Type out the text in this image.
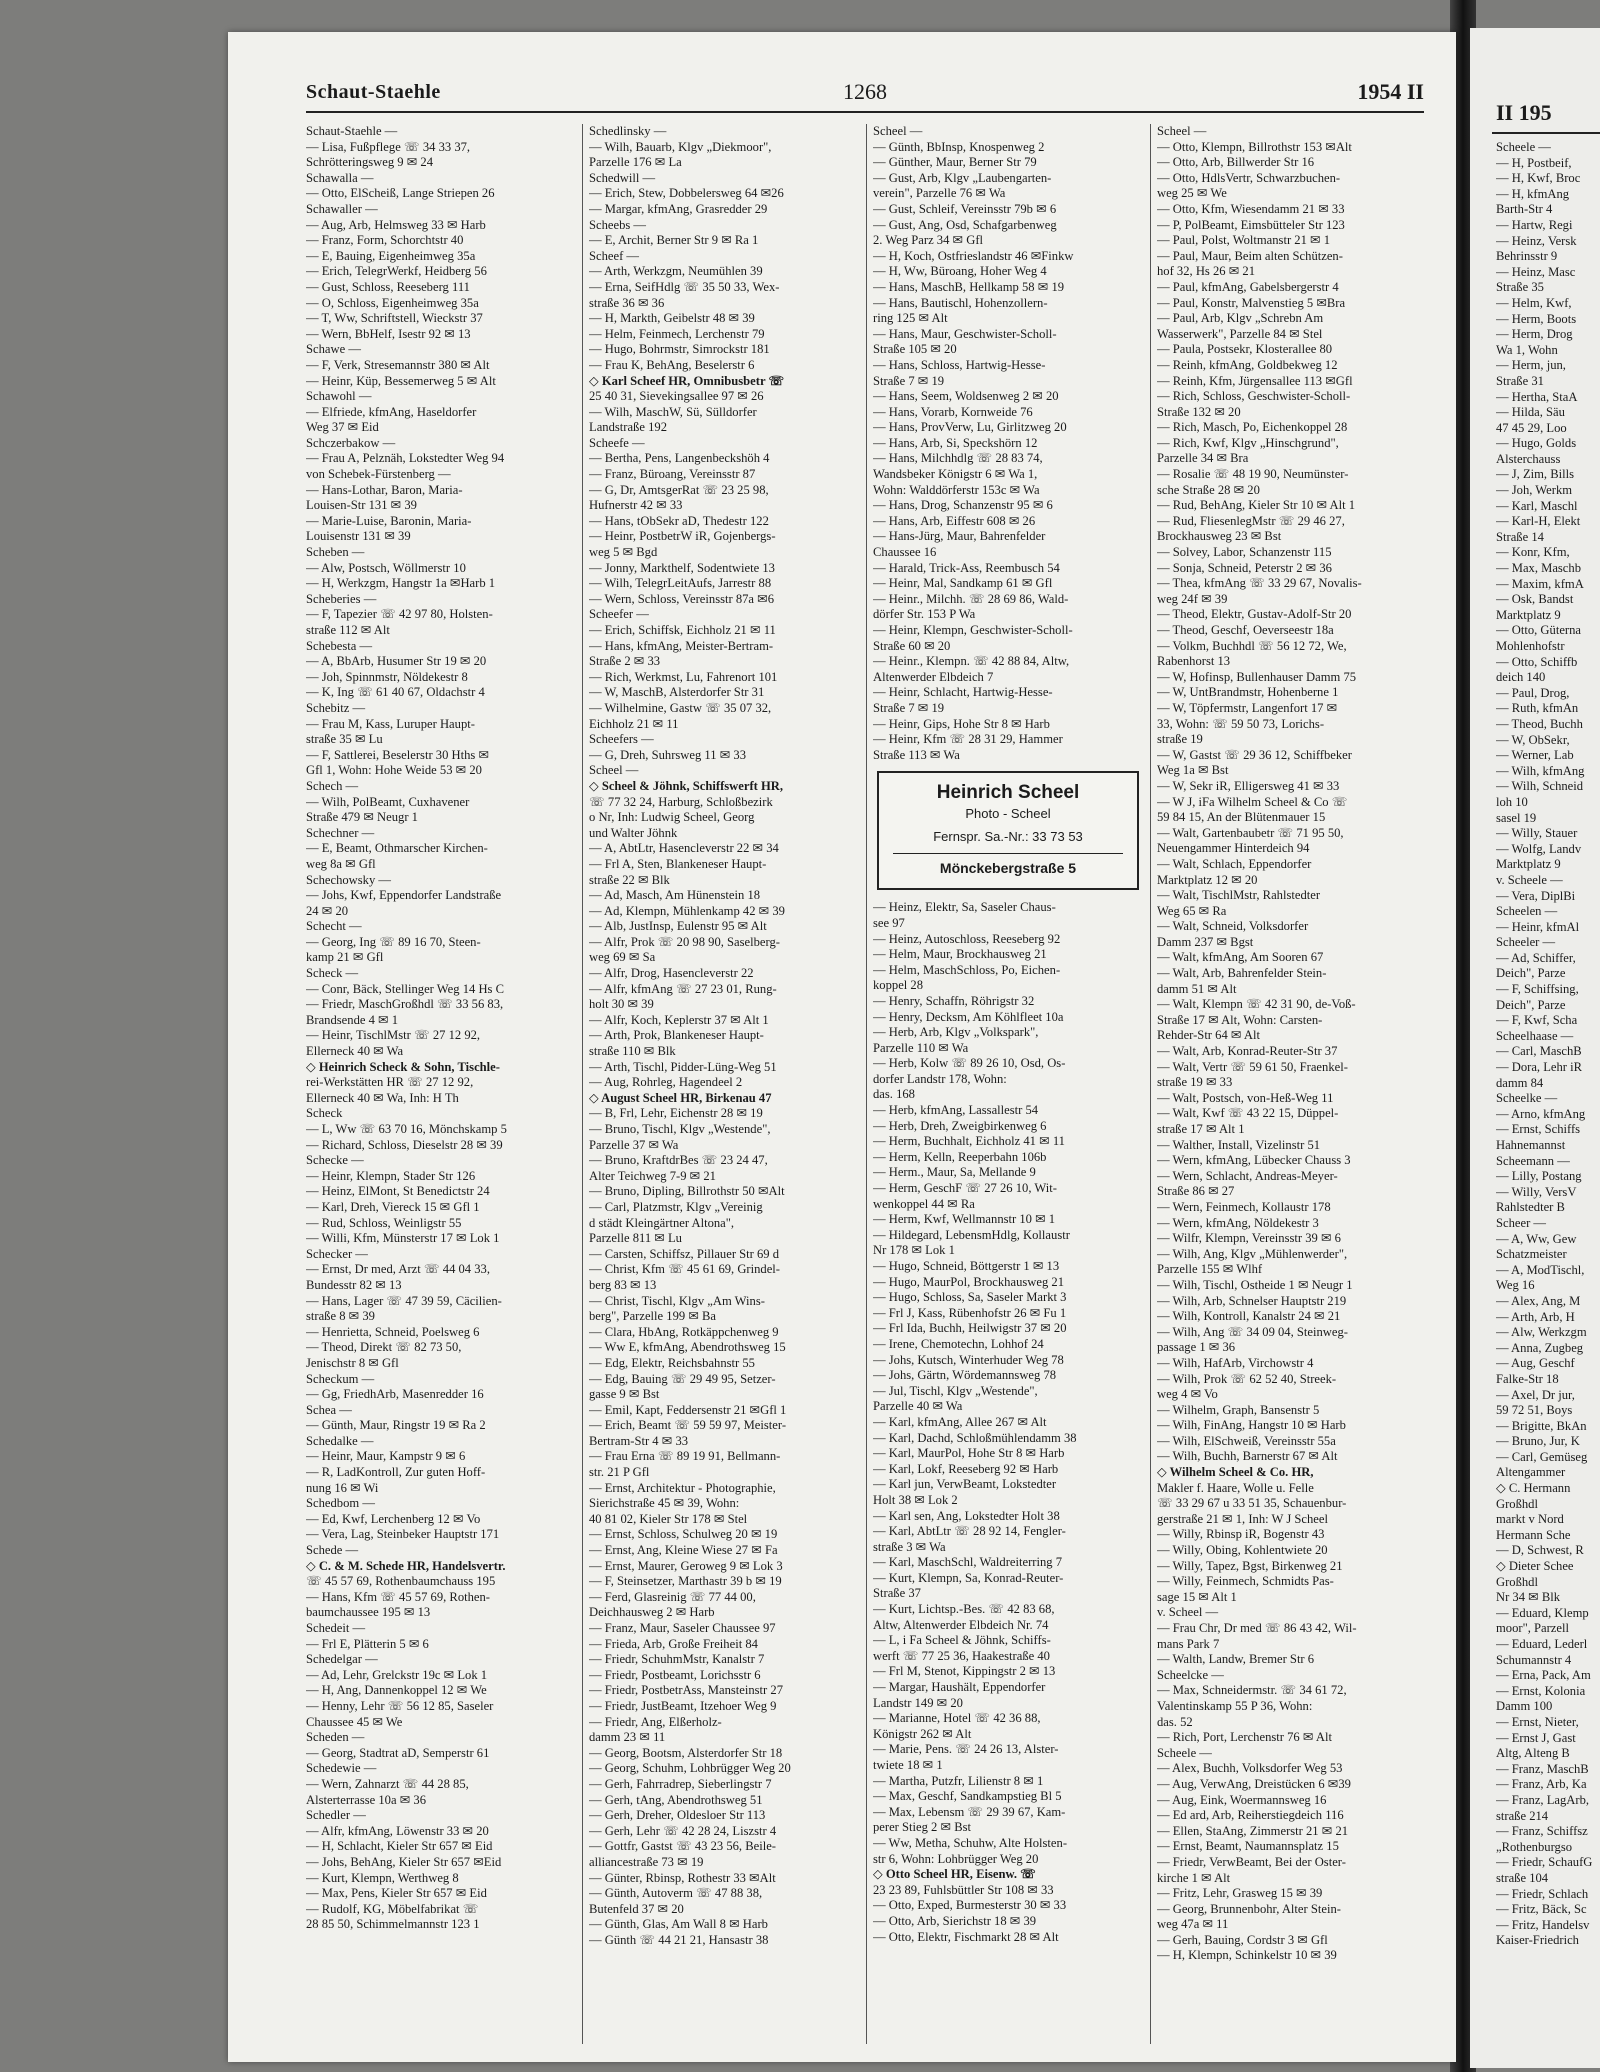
Schaut-Staehle	1268	1954 II
Schaut-Staehle —
— Lisa, Fußpflege ☏ 34 33 37,
Schrötteringsweg 9 ✉ 24
Schawalla —
— Otto, ElScheiß, Lange Striepen 26
Schawaller —
— Aug, Arb, Helmsweg 33 ✉ Harb
— Franz, Form, Schorchtstr 40
— E, Bauing, Eigenheimweg 35a
— Erich, TelegrWerkf, Heidberg 56
— Gust, Schloss, Reeseberg 111
— O, Schloss, Eigenheimweg 35a
— T, Ww, Schriftstell, Wieckstr 37
— Wern, BbHelf, Isestr 92 ✉ 13
Schawe —
— F, Verk, Stresemannstr 380 ✉ Alt
— Heinr, Küp, Bessemerweg 5 ✉ Alt
Schawohl —
— Elfriede, kfmAng, Haseldorfer
Weg 37 ✉ Eid
Schczerbakow —
— Frau A, Pelznäh, Lokstedter Weg 94
von Schebek-Fürstenberg —
— Hans-Lothar, Baron, Maria-
Louisen-Str 131 ✉ 39
— Marie-Luise, Baronin, Maria-
Louisenstr 131 ✉ 39
Scheben —
— Alw, Postsch, Wöllmerstr 10
— H, Werkzgm, Hangstr 1a ✉Harb 1
Scheberies —
— F, Tapezier ☏ 42 97 80, Holsten-
straße 112 ✉ Alt
Schebesta —
— A, BbArb, Husumer Str 19 ✉ 20
— Joh, Spinnmstr, Nöldekestr 8
— K, Ing ☏ 61 40 67, Oldachstr 4
Schebitz —
— Frau M, Kass, Luruper Haupt-
straße 35 ✉ Lu
— F, Sattlerei, Beselerstr 30 Hths ✉
Gfl 1, Wohn: Hohe Weide 53 ✉ 20
Schech —
— Wilh, PolBeamt, Cuxhavener
Straße 479 ✉ Neugr 1
Schechner —
— E, Beamt, Othmarscher Kirchen-
weg 8a ✉ Gfl
Schechowsky —
— Johs, Kwf, Eppendorfer Landstraße
24 ✉ 20
Schecht —
— Georg, Ing ☏ 89 16 70, Steen-
kamp 21 ✉ Gfl
Scheck —
— Conr, Bäck, Stellinger Weg 14 Hs C
— Friedr, MaschGroßhdl ☏ 33 56 83,
Brandsende 4 ✉ 1
— Heinr, TischlMstr ☏ 27 12 92,
Ellerneck 40 ✉ Wa
◇ Heinrich Scheck & Sohn, Tischle-
rei-Werkstätten HR ☏ 27 12 92,
Ellerneck 40 ✉ Wa, Inh: H Th
Scheck
— L, Ww ☏ 63 70 16, Mönchskamp 5
— Richard, Schloss, Dieselstr 28 ✉ 39
Schecke —
— Heinr, Klempn, Stader Str 126
— Heinz, ElMont, St Benedictstr 24
— Karl, Dreh, Viereck 15 ✉ Gfl 1
— Rud, Schloss, Weinligstr 55
— Willi, Kfm, Münsterstr 17 ✉ Lok 1
Schecker —
— Ernst, Dr med, Arzt ☏ 44 04 33,
Bundesstr 82 ✉ 13
— Hans, Lager ☏ 47 39 59, Cäcilien-
straße 8 ✉ 39
— Henrietta, Schneid, Poelsweg 6
— Theod, Direkt ☏ 82 73 50,
Jenischstr 8 ✉ Gfl
Scheckum —
— Gg, FriedhArb, Masenredder 16
Schea —
— Günth, Maur, Ringstr 19 ✉ Ra 2
Schedalke —
— Heinr, Maur, Kampstr 9 ✉ 6
— R, LadKontroll, Zur guten Hoff-
nung 16 ✉ Wi
Schedbom —
— Ed, Kwf, Lerchenberg 12 ✉ Vo
— Vera, Lag, Steinbeker Hauptstr 171
Schede —
◇ C. & M. Schede HR, Handelsvertr.
☏ 45 57 69, Rothenbaumchauss 195
— Hans, Kfm ☏ 45 57 69, Rothen-
baumchaussee 195 ✉ 13
Schedeit —
— Frl E, Plätterin 5 ✉ 6
Schedelgar —
— Ad, Lehr, Grelckstr 19c ✉ Lok 1
— H, Ang, Dannenkoppel 12 ✉ We
— Henny, Lehr ☏ 56 12 85, Saseler
Chaussee 45 ✉ We
Scheden —
— Georg, Stadtrat aD, Semperstr 61
Schedewie —
— Wern, Zahnarzt ☏ 44 28 85,
Alsterterrasse 10a ✉ 36
Schedler —
— Alfr, kfmAng, Löwenstr 33 ✉ 20
— H, Schlacht, Kieler Str 657 ✉ Eid
— Johs, BehAng, Kieler Str 657 ✉Eid
— Kurt, Klempn, Werthweg 8
— Max, Pens, Kieler Str 657 ✉ Eid
— Rudolf, KG, Möbelfabrikat ☏
28 85 50, Schimmelmannstr 123 1
Schedlinsky —
— Wilh, Bauarb, Klgv „Diekmoor",
Parzelle 176 ✉ La
Schedwill —
— Erich, Stew, Dobbelersweg 64 ✉26
— Margar, kfmAng, Grasredder 29
Scheebs —
— E, Archit, Berner Str 9 ✉ Ra 1
Scheef —
— Arth, Werkzgm, Neumühlen 39
— Erna, SeifHdlg ☏ 35 50 33, Wex-
straße 36 ✉ 36
— H, Markth, Geibelstr 48 ✉ 39
— Helm, Feinmech, Lerchenstr 79
— Hugo, Bohrmstr, Simrockstr 181
— Frau K, BehAng, Beselerstr 6
◇ Karl Scheef HR, Omnibusbetr ☏
25 40 31, Sievekingsallee 97 ✉ 26
— Wilh, MaschW, Sü, Sülldorfer
Landstraße 192
Scheefe —
— Bertha, Pens, Langenbeckshöh 4
— Franz, Büroang, Vereinsstr 87
— G, Dr, AmtsgerRat ☏ 23 25 98,
Hufnerstr 42 ✉ 33
— Hans, tObSekr aD, Thedestr 122
— Heinr, PostbetrW iR, Gojenbergs-
weg 5 ✉ Bgd
— Jonny, Markthelf, Sodentwiete 13
— Wilh, TelegrLeitAufs, Jarrestr 88
— Wern, Schloss, Vereinsstr 87a ✉6
Scheefer —
— Erich, Schiffsk, Eichholz 21 ✉ 11
— Hans, kfmAng, Meister-Bertram-
Straße 2 ✉ 33
— Rich, Werkmst, Lu, Fahrenort 101
— W, MaschB, Alsterdorfer Str 31
— Wilhelmine, Gastw ☏ 35 07 32,
Eichholz 21 ✉ 11
Scheefers —
— G, Dreh, Suhrsweg 11 ✉ 33
Scheel —
◇ Scheel & Jöhnk, Schiffswerft HR,
☏ 77 32 24, Harburg, Schloßbezirk
o Nr, Inh: Ludwig Scheel, Georg
und Walter Jöhnk
— A, AbtLtr, Hasencleverstr 22 ✉ 34
— Frl A, Sten, Blankeneser Haupt-
straße 22 ✉ Blk
— Ad, Masch, Am Hünenstein 18
— Ad, Klempn, Mühlenkamp 42 ✉ 39
— Alb, JustInsp, Eulenstr 95 ✉ Alt
— Alfr, Prok ☏ 20 98 90, Saselberg-
weg 69 ✉ Sa
— Alfr, Drog, Hasencleverstr 22
— Alfr, kfmAng ☏ 27 23 01, Rung-
holt 30 ✉ 39
— Alfr, Koch, Keplerstr 37 ✉ Alt 1
— Arth, Prok, Blankeneser Haupt-
straße 110 ✉ Blk
— Arth, Tischl, Pidder-Lüng-Weg 51
— Aug, Rohrleg, Hagendeel 2
◇ August Scheel HR, Birkenau 47
— B, Frl, Lehr, Eichenstr 28 ✉ 19
— Bruno, Tischl, Klgv „Westende",
Parzelle 37 ✉ Wa
— Bruno, KraftdrBes ☏ 23 24 47,
Alter Teichweg 7-9 ✉ 21
— Bruno, Dipling, Billrothstr 50 ✉Alt
— Carl, Platzmstr, Klgv „Vereinig
d städt Kleingärtner Altona",
Parzelle 811 ✉ Lu
— Carsten, Schiffsz, Pillauer Str 69 d
— Christ, Kfm ☏ 45 61 69, Grindel-
berg 83 ✉ 13
— Christ, Tischl, Klgv „Am Wins-
berg", Parzelle 199 ✉ Ba
— Clara, HbAng, Rotkäppchenweg 9
— Ww E, kfmAng, Abendrothsweg 15
— Edg, Elektr, Reichsbahnstr 55
— Edg, Bauing ☏ 29 49 95, Setzer-
gasse 9 ✉ Bst
— Emil, Kapt, Feddersenstr 21 ✉Gfl 1
— Erich, Beamt ☏ 59 59 97, Meister-
Bertram-Str 4 ✉ 33
— Frau Erna ☏ 89 19 91, Bellmann-
str. 21 P Gfl
— Ernst, Architektur - Photographie,
Sierichstraße 45 ✉ 39, Wohn:
40 81 02, Kieler Str 178 ✉ Stel
— Ernst, Schloss, Schulweg 20 ✉ 19
— Ernst, Ang, Kleine Wiese 27 ✉ Fa
— Ernst, Maurer, Geroweg 9 ✉ Lok 3
— F, Steinsetzer, Marthastr 39 b ✉ 19
— Ferd, Glasreinig ☏ 77 44 00,
Deichhausweg 2 ✉ Harb
— Franz, Maur, Saseler Chaussee 97
— Frieda, Arb, Große Freiheit 84
— Friedr, SchuhmMstr, Kanalstr 7
— Friedr, Postbeamt, Lorichsstr 6
— Friedr, PostbetrAss, Mansteinstr 27
— Friedr, JustBeamt, Itzehoer Weg 9
— Friedr, Ang, Elßerholz-
damm 23 ✉ 11
— Georg, Bootsm, Alsterdorfer Str 18
— Georg, Schuhm, Lohbrügger Weg 20
— Gerh, Fahrradrep, Sieberlingstr 7
— Gerh, tAng, Abendrothsweg 51
— Gerh, Dreher, Oldesloer Str 113
— Gerh, Lehr ☏ 42 28 24, Liszstr 4
— Gottfr, Gastst ☏ 43 23 56, Beile-
alliancestraße 73 ✉ 19
— Günter, Rbinsp, Rothestr 33 ✉Alt
— Günth, Autoverm ☏ 47 88 38,
Butenfeld 37 ✉ 20
— Günth, Glas, Am Wall 8 ✉ Harb
— Günth ☏ 44 21 21, Hansastr 38
Scheel —
— Günth, BbInsp, Knospenweg 2
— Günther, Maur, Berner Str 79
— Gust, Arb, Klgv „Laubengarten-
verein", Parzelle 76 ✉ Wa
— Gust, Schleif, Vereinsstr 79b ✉ 6
— Gust, Ang, Osd, Schafgarbenweg
2. Weg Parz 34 ✉ Gfl
— H, Koch, Ostfrieslandstr 46 ✉Finkw
— H, Ww, Büroang, Hoher Weg 4
— Hans, MaschB, Hellkamp 58 ✉ 19
— Hans, Bautischl, Hohenzollern-
ring 125 ✉ Alt
— Hans, Maur, Geschwister-Scholl-
Straße 105 ✉ 20
— Hans, Schloss, Hartwig-Hesse-
Straße 7 ✉ 19
— Hans, Seem, Woldsenweg 2 ✉ 20
— Hans, Vorarb, Kornweide 76
— Hans, ProvVerw, Lu, Girlitzweg 20
— Hans, Arb, Si, Speckshörn 12
— Hans, Milchhdlg ☏ 28 83 74,
Wandsbeker Königstr 6 ✉ Wa 1,
Wohn: Walddörferstr 153c ✉ Wa
— Hans, Drog, Schanzenstr 95 ✉ 6
— Hans, Arb, Eiffestr 608 ✉ 26
— Hans-Jürg, Maur, Bahrenfelder
Chaussee 16
— Harald, Trick-Ass, Reembusch 54
— Heinr, Mal, Sandkamp 61 ✉ Gfl
— Heinr., Milchh. ☏ 28 69 86, Wald-
dörfer Str. 153 P Wa
— Heinr, Klempn, Geschwister-Scholl-
Straße 60 ✉ 20
— Heinr., Klempn. ☏ 42 88 84, Altw,
Altenwerder Elbdeich 7
— Heinr, Schlacht, Hartwig-Hesse-
Straße 7 ✉ 19
— Heinr, Gips, Hohe Str 8 ✉ Harb
— Heinr, Kfm ☏ 28 31 29, Hammer
Straße 113 ✉ Wa
Heinrich Scheel
Photo - Scheel
Fernspr. Sa.-Nr.: 33 73 53
Mönckebergstraße 5
— Heinz, Elektr, Sa, Saseler Chaus-
see 97
— Heinz, Autoschloss, Reeseberg 92
— Helm, Maur, Brockhausweg 21
— Helm, MaschSchloss, Po, Eichen-
koppel 28
— Henry, Schaffn, Röhrigstr 32
— Henry, Decksm, Am Köhlfleet 10a
— Herb, Arb, Klgv „Volkspark",
Parzelle 110 ✉ Wa
— Herb, Kolw ☏ 89 26 10, Osd, Os-
dorfer Landstr 178, Wohn:
das. 168
— Herb, kfmAng, Lassallestr 54
— Herb, Dreh, Zweigbirkenweg 6
— Herm, Buchhalt, Eichholz 41 ✉ 11
— Herm, Kelln, Reeperbahn 106b
— Herm., Maur, Sa, Mellande 9
— Herm, GeschF ☏ 27 26 10, Wit-
wenkoppel 44 ✉ Ra
— Herm, Kwf, Wellmannstr 10 ✉ 1
— Hildegard, LebensmHdlg, Kollaustr
Nr 178 ✉ Lok 1
— Hugo, Schneid, Böttgerstr 1 ✉ 13
— Hugo, MaurPol, Brockhausweg 21
— Hugo, Schloss, Sa, Saseler Markt 3
— Frl J, Kass, Rübenhofstr 26 ✉ Fu 1
— Frl Ida, Buchh, Heilwigstr 37 ✉ 20
— Irene, Chemotechn, Lohhof 24
— Johs, Kutsch, Winterhuder Weg 78
— Johs, Gärtn, Wördemannsweg 78
— Jul, Tischl, Klgv „Westende",
Parzelle 40 ✉ Wa
— Karl, kfmAng, Allee 267 ✉ Alt
— Karl, Dachd, Schloßmühlendamm 38
— Karl, MaurPol, Hohe Str 8 ✉ Harb
— Karl, Lokf, Reeseberg 92 ✉ Harb
— Karl jun, VerwBeamt, Lokstedter
Holt 38 ✉ Lok 2
— Karl sen, Ang, Lokstedter Holt 38
— Karl, AbtLtr ☏ 28 92 14, Fengler-
straße 3 ✉ Wa
— Karl, MaschSchl, Waldreiterring 7
— Kurt, Klempn, Sa, Konrad-Reuter-
Straße 37
— Kurt, Lichtsp.-Bes. ☏ 42 83 68,
Altw, Altenwerder Elbdeich Nr. 74
— L, i Fa Scheel & Jöhnk, Schiffs-
werft ☏ 77 25 36, Haakestraße 40
— Frl M, Stenot, Kippingstr 2 ✉ 13
— Margar, Haushält, Eppendorfer
Landstr 149 ✉ 20
— Marianne, Hotel ☏ 42 36 88,
Königstr 262 ✉ Alt
— Marie, Pens. ☏ 24 26 13, Alster-
twiete 18 ✉ 1
— Martha, Putzfr, Lilienstr 8 ✉ 1
— Max, Geschf, Sandkampstieg Bl 5
— Max, Lebensm ☏ 29 39 67, Kam-
perer Stieg 2 ✉ Bst
— Ww, Metha, Schuhw, Alte Holsten-
str 6, Wohn: Lohbrügger Weg 20
◇ Otto Scheel HR, Eisenw. ☏
23 23 89, Fuhlsbüttler Str 108 ✉ 33
— Otto, Exped, Burmesterstr 30 ✉ 33
— Otto, Arb, Sierichstr 18 ✉ 39
— Otto, Elektr, Fischmarkt 28 ✉ Alt
Scheel —
— Otto, Klempn, Billrothstr 153 ✉Alt
— Otto, Arb, Billwerder Str 16
— Otto, HdlsVertr, Schwarzbuchen-
weg 25 ✉ We
— Otto, Kfm, Wiesendamm 21 ✉ 33
— P, PolBeamt, Eimsbütteler Str 123
— Paul, Polst, Woltmanstr 21 ✉ 1
— Paul, Maur, Beim alten Schützen-
hof 32, Hs 26 ✉ 21
— Paul, kfmAng, Gabelsbergerstr 4
— Paul, Konstr, Malvenstieg 5 ✉Bra
— Paul, Arb, Klgv „Schrebn Am
Wasserwerk", Parzelle 84 ✉ Stel
— Paula, Postsekr, Klosterallee 80
— Reinh, kfmAng, Goldbekweg 12
— Reinh, Kfm, Jürgensallee 113 ✉Gfl
— Rich, Schloss, Geschwister-Scholl-
Straße 132 ✉ 20
— Rich, Masch, Po, Eichenkoppel 28
— Rich, Kwf, Klgv „Hinschgrund",
Parzelle 34 ✉ Bra
— Rosalie ☏ 48 19 90, Neumünster-
sche Straße 28 ✉ 20
— Rud, BehAng, Kieler Str 10 ✉ Alt 1
— Rud, FliesenlegMstr ☏ 29 46 27,
Brockhausweg 23 ✉ Bst
— Solvey, Labor, Schanzenstr 115
— Sonja, Schneid, Peterstr 2 ✉ 36
— Thea, kfmAng ☏ 33 29 67, Novalis-
weg 24f ✉ 39
— Theod, Elektr, Gustav-Adolf-Str 20
— Theod, Geschf, Oeverseestr 18a
— Volkm, Buchhdl ☏ 56 12 72, We,
Rabenhorst 13
— W, Hofinsp, Bullenhauser Damm 75
— W, UntBrandmstr, Hohenberne 1
— W, Töpfermstr, Langenfort 17 ✉
33, Wohn: ☏ 59 50 73, Lorichs-
straße 19
— W, Gastst ☏ 29 36 12, Schiffbeker
Weg 1a ✉ Bst
— W, Sekr iR, Elligersweg 41 ✉ 33
— W J, iFa Wilhelm Scheel & Co ☏
59 84 15, An der Blütenmauer 15
— Walt, Gartenbaubetr ☏ 71 95 50,
Neuengammer Hinterdeich 94
— Walt, Schlach, Eppendorfer
Marktplatz 12 ✉ 20
— Walt, TischlMstr, Rahlstedter
Weg 65 ✉ Ra
— Walt, Schneid, Volksdorfer
Damm 237 ✉ Bgst
— Walt, kfmAng, Am Sooren 67
— Walt, Arb, Bahrenfelder Stein-
damm 51 ✉ Alt
— Walt, Klempn ☏ 42 31 90, de-Voß-
Straße 17 ✉ Alt, Wohn: Carsten-
Rehder-Str 64 ✉ Alt
— Walt, Arb, Konrad-Reuter-Str 37
— Walt, Vertr ☏ 59 61 50, Fraenkel-
straße 19 ✉ 33
— Walt, Postsch, von-Heß-Weg 11
— Walt, Kwf ☏ 43 22 15, Düppel-
straße 17 ✉ Alt 1
— Walther, Install, Vizelinstr 51
— Wern, kfmAng, Lübecker Chauss 3
— Wern, Schlacht, Andreas-Meyer-
Straße 86 ✉ 27
— Wern, Feinmech, Kollaustr 178
— Wern, kfmAng, Nöldekestr 3
— Wilfr, Klempn, Vereinsstr 39 ✉ 6
— Wilh, Ang, Klgv „Mühlenwerder",
Parzelle 155 ✉ Wlhf
— Wilh, Tischl, Ostheide 1 ✉ Neugr 1
— Wilh, Arb, Schnelser Hauptstr 219
— Wilh, Kontroll, Kanalstr 24 ✉ 21
— Wilh, Ang ☏ 34 09 04, Steinweg-
passage 1 ✉ 36
— Wilh, HafArb, Virchowstr 4
— Wilh, Prok ☏ 62 52 40, Streek-
weg 4 ✉ Vo
— Wilhelm, Graph, Bansenstr 5
— Wilh, FinAng, Hangstr 10 ✉ Harb
— Wilh, ElSchweiß, Vereinsstr 55a
— Wilh, Buchh, Barnerstr 67 ✉ Alt
◇ Wilhelm Scheel & Co. HR,
Makler f. Haare, Wolle u. Felle
☏ 33 29 67 u 33 51 35, Schauenbur-
gerstraße 21 ✉ 1, Inh: W J Scheel
— Willy, Rbinsp iR, Bogenstr 43
— Willy, Obing, Kohlentwiete 20
— Willy, Tapez, Bgst, Birkenweg 21
— Willy, Feinmech, Schmidts Pas-
sage 15 ✉ Alt 1
v. Scheel —
— Frau Chr, Dr med ☏ 86 43 42, Wil-
mans Park 7
— Walth, Landw, Bremer Str 6
Scheelcke —
— Max, Schneidermstr. ☏ 34 61 72,
Valentinskamp 55 P 36, Wohn:
das. 52
— Rich, Port, Lerchenstr 76 ✉ Alt
Scheele —
— Alex, Buchh, Volksdorfer Weg 53
— Aug, VerwAng, Dreistücken 6 ✉39
— Aug, Eink, Woermannsweg 16
— Ed ard, Arb, Reiherstiegdeich 116
— Ellen, StaAng, Zimmerstr 21 ✉ 21
— Ernst, Beamt, Naumannsplatz 15
— Friedr, VerwBeamt, Bei der Oster-
kirche 1 ✉ Alt
— Fritz, Lehr, Grasweg 15 ✉ 39
— Georg, Brunnenbohr, Alter Stein-
weg 47a ✉ 11
— Gerh, Bauing, Cordstr 3 ✉ Gfl
— H, Klempn, Schinkelstr 10 ✉ 39
II 195
Scheele —
— H, Postbeif,
— H, Kwf, Broc
— H, kfmAng
Barth-Str 4
— Hartw, Regi
— Heinz, Versk
Behrinsstr 9
— Heinz, Masc
Straße 35
— Helm, Kwf,
— Herm, Boots
— Herm, Drog
Wa 1, Wohn
— Herm, jun,
Straße 31
— Hertha, StaA
— Hilda, Säu
47 45 29, Loo
— Hugo, Golds
Alsterchauss
— J, Zim, Bills
— Joh, Werkm
— Karl, Maschl
— Karl-H, Elekt
Straße 14
— Konr, Kfm,
— Max, Maschb
— Maxim, kfmA
— Osk, Bandst
Marktplatz 9
— Otto, Güterna
Mohlenhofstr
— Otto, Schiffb
deich 140
— Paul, Drog,
— Ruth, kfmAn
— Theod, Buchh
— W, ObSekr,
— Werner, Lab
— Wilh, kfmAng
— Wilh, Schneid
loh 10
sasel 19
— Willy, Stauer
— Wolfg, Landv
Marktplatz 9
v. Scheele —
— Vera, DiplBi
Scheelen —
— Heinr, kfmAl
Scheeler —
— Ad, Schiffer,
Deich", Parze
— F, Schiffsing,
Deich", Parze
— F, Kwf, Scha
Scheelhaase —
— Carl, MaschB
— Dora, Lehr iR
damm 84
Scheelke —
— Arno, kfmAng
— Ernst, Schiffs
Hahnemannst
Scheemann —
— Lilly, Postang
— Willy, VersV
Rahlstedter B
Scheer —
— A, Ww, Gew
Schatzmeister
— A, ModTischl,
Weg 16
— Alex, Ang, M
— Arth, Arb, H
— Alw, Werkzgm
— Anna, Zugbeg
— Aug, Geschf
Falke-Str 18
— Axel, Dr jur,
59 72 51, Boys
— Brigitte, BkAn
— Bruno, Jur, K
— Carl, Gemüseg
Altengammer
◇ C. Hermann
Großhdl
markt v Nord
Hermann Sche
— D, Schwest, R
◇ Dieter Schee
Großhdl
Nr 34 ✉ Blk
— Eduard, Klemp
moor", Parzell
— Eduard, Lederl
Schumannstr 4
— Erna, Pack, Am
— Ernst, Kolonia
Damm 100
— Ernst, Nieter,
— Ernst J, Gast
Altg, Alteng B
— Franz, MaschB
— Franz, Arb, Ka
— Franz, LagArb,
straße 214
— Franz, Schiffsz
„Rothenburgso
— Friedr, SchaufG
straße 104
— Friedr, Schlach
— Fritz, Bäck, Sc
— Fritz, Handelsv
Kaiser-Friedrich
